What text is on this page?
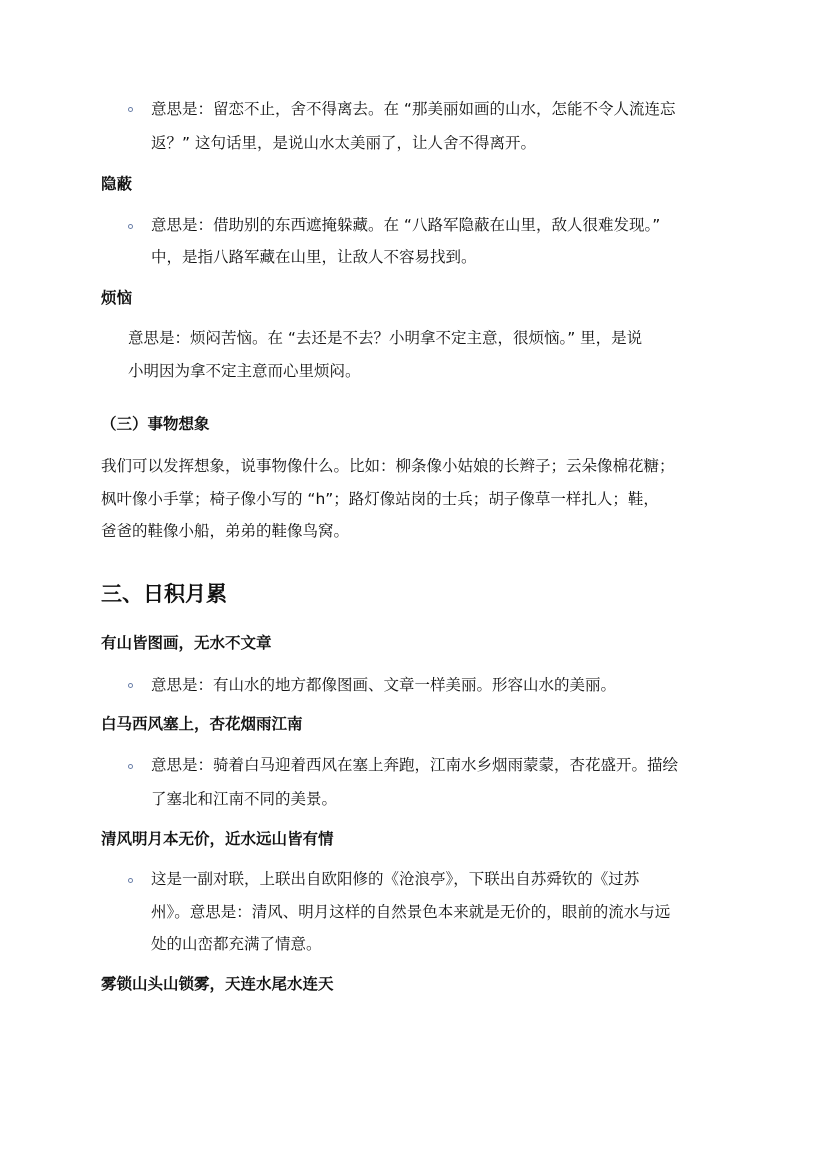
意思是：留恋不止，舍不得离去。在 “那美丽如画的山水，怎能不令人流连忘
返？” 这句话里，是说山水太美丽了，让人舍不得离开。
隐蔽
意思是：借助别的东西遮掩躲藏。在 “八路军隐蔽在山里，敌人很难发现。”
中，是指八路军藏在山里，让敌人不容易找到。
烦恼
意思是：烦闷苦恼。在 “去还是不去？小明拿不定主意，很烦恼。” 里，是说
小明因为拿不定主意而心里烦闷。
（三）事物想象
我们可以发挥想象，说事物像什么。比如：柳条像小姑娘的长辫子；云朵像棉花糖；
枫叶像小手掌；椅子像小写的 “h”；路灯像站岗的士兵；胡子像草一样扎人；鞋，
爸爸的鞋像小船，弟弟的鞋像鸟窝。
三、日积月累
有山皆图画，无水不文章
意思是：有山水的地方都像图画、文章一样美丽。形容山水的美丽。
白马西风塞上，杏花烟雨江南
意思是：骑着白马迎着西风在塞上奔跑，江南水乡烟雨蒙蒙，杏花盛开。描绘
了塞北和江南不同的美景。
清风明月本无价，近水远山皆有情
这是一副对联，上联出自欧阳修的《沧浪亭》，下联出自苏舜钦的《过苏
州》。意思是：清风、明月这样的自然景色本来就是无价的，眼前的流水与远
处的山峦都充满了情意。
雾锁山头山锁雾，天连水尾水连天
